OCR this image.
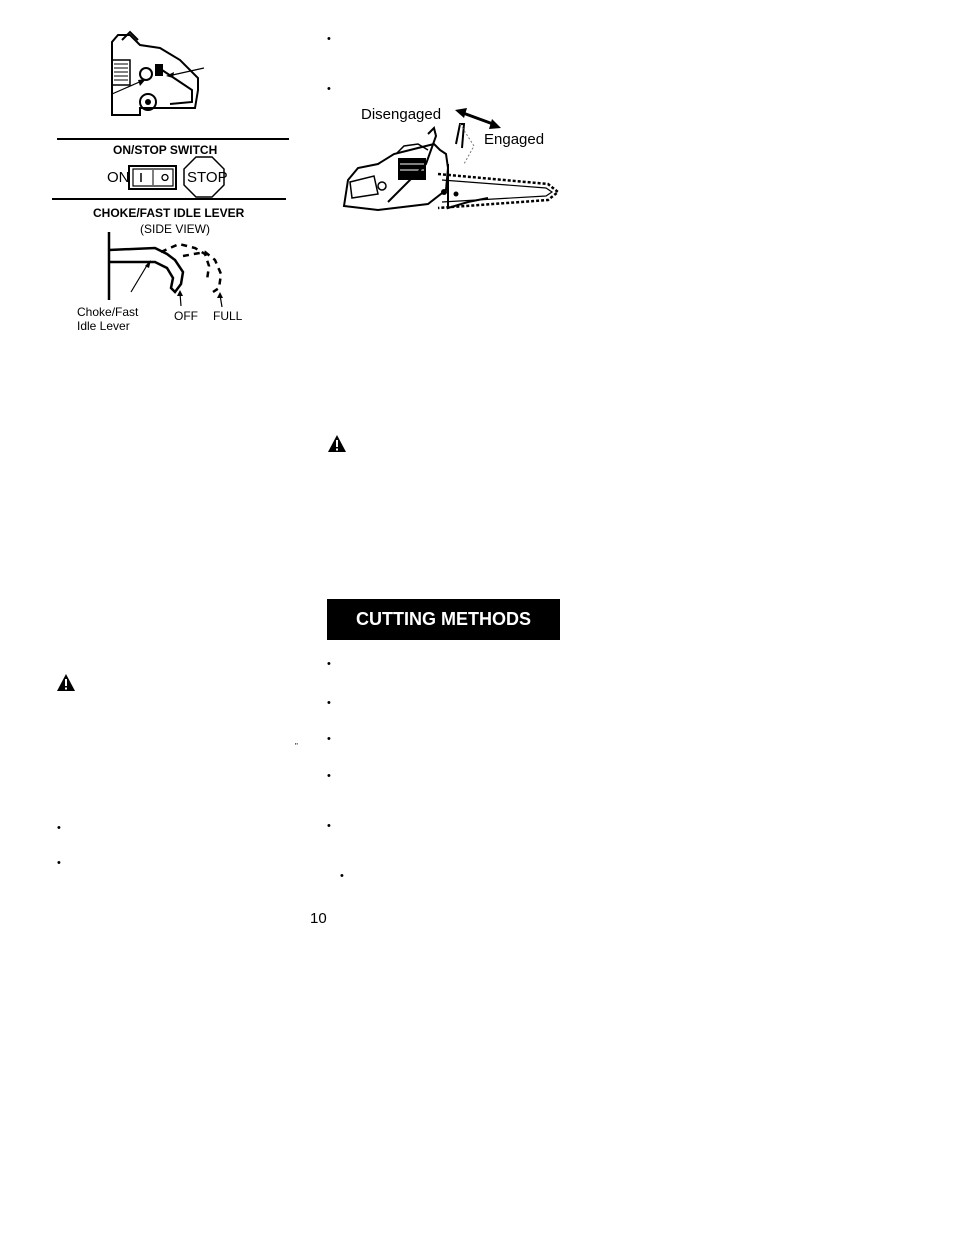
ON/STOP SWITCH
ON	STOP
CHOKE/FAST IDLE LEVER
(SIDE VIEW)
Choke/Fast
Idle Lever
OFF FULL
"
•
•
•
•
Disengaged
Engaged
CUTTING METHODS
•
•
•
•
•
•
10
